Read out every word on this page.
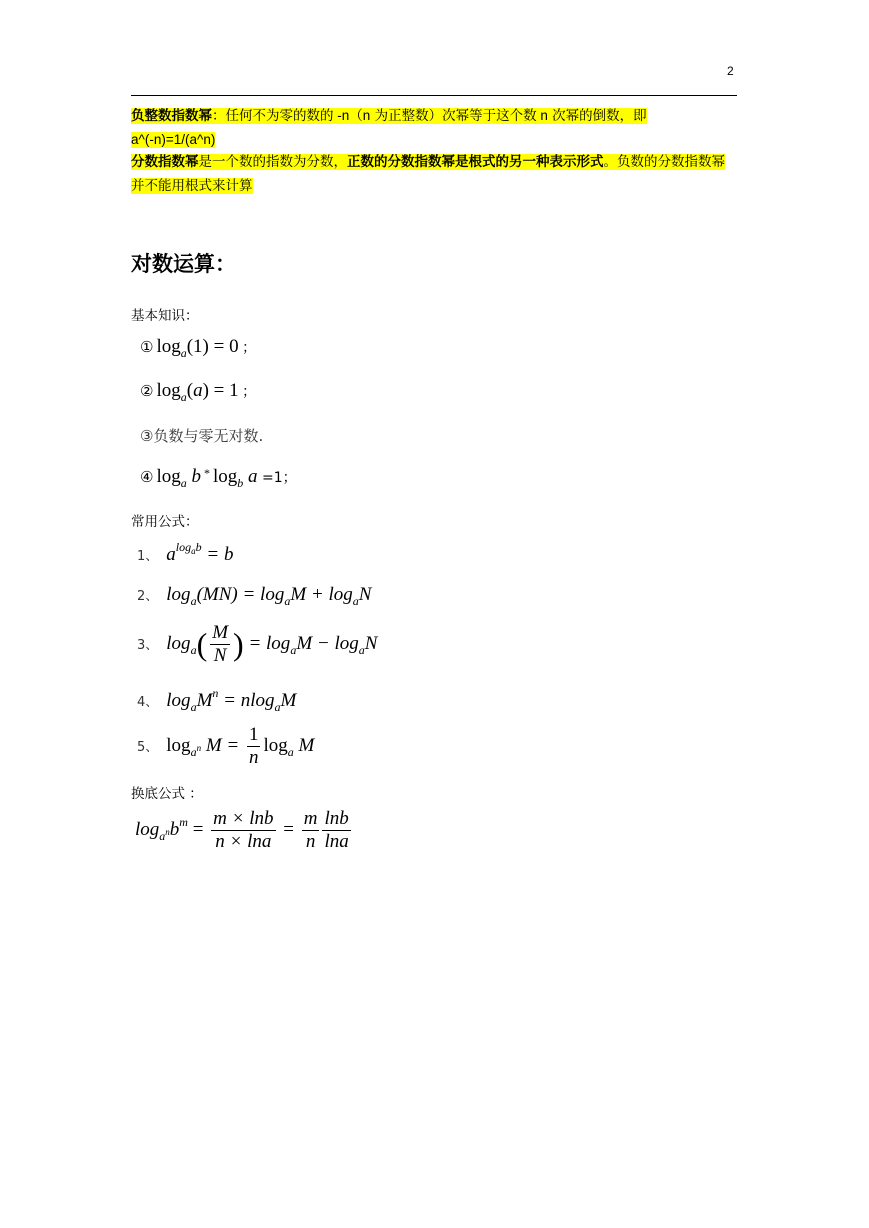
2
负整数指数幂：任何不为零的数的 -n（n 为正整数）次幂等于这个数 n 次幂的倒数，即
a^(-n)=1/(a^n)
分数指数幂是一个数的指数为分数，正数的分数指数幂是根式的另一种表示形式。负数的分数指数幂并不能用根式来计算
对数运算：
基本知识：
① $\log_a(1) = 0$ ；
② $\log_a(a) = 1$ ；
③负数与零无对数.
④ $\log_a b$ * $\log_b a =1$；
常用公式：
1、 $a^{log_ab} = b$
2、 $\log_a(MN) = \log_aM + \log_aN$
3、 $\log_a( \frac{M}{N}$ ) = $\log_aM - \log_aN$
4、 $\log_aM^n = nlog_aM$
5、 $\log_{a^n} M = \frac{1}{n} \log_a M$
换底公式 ：
$\log_{a^n}b^m = \frac{m \times \ln b}{n \times \ln a} = \frac{m}{n} \frac{\ln b}{\ln a}$
